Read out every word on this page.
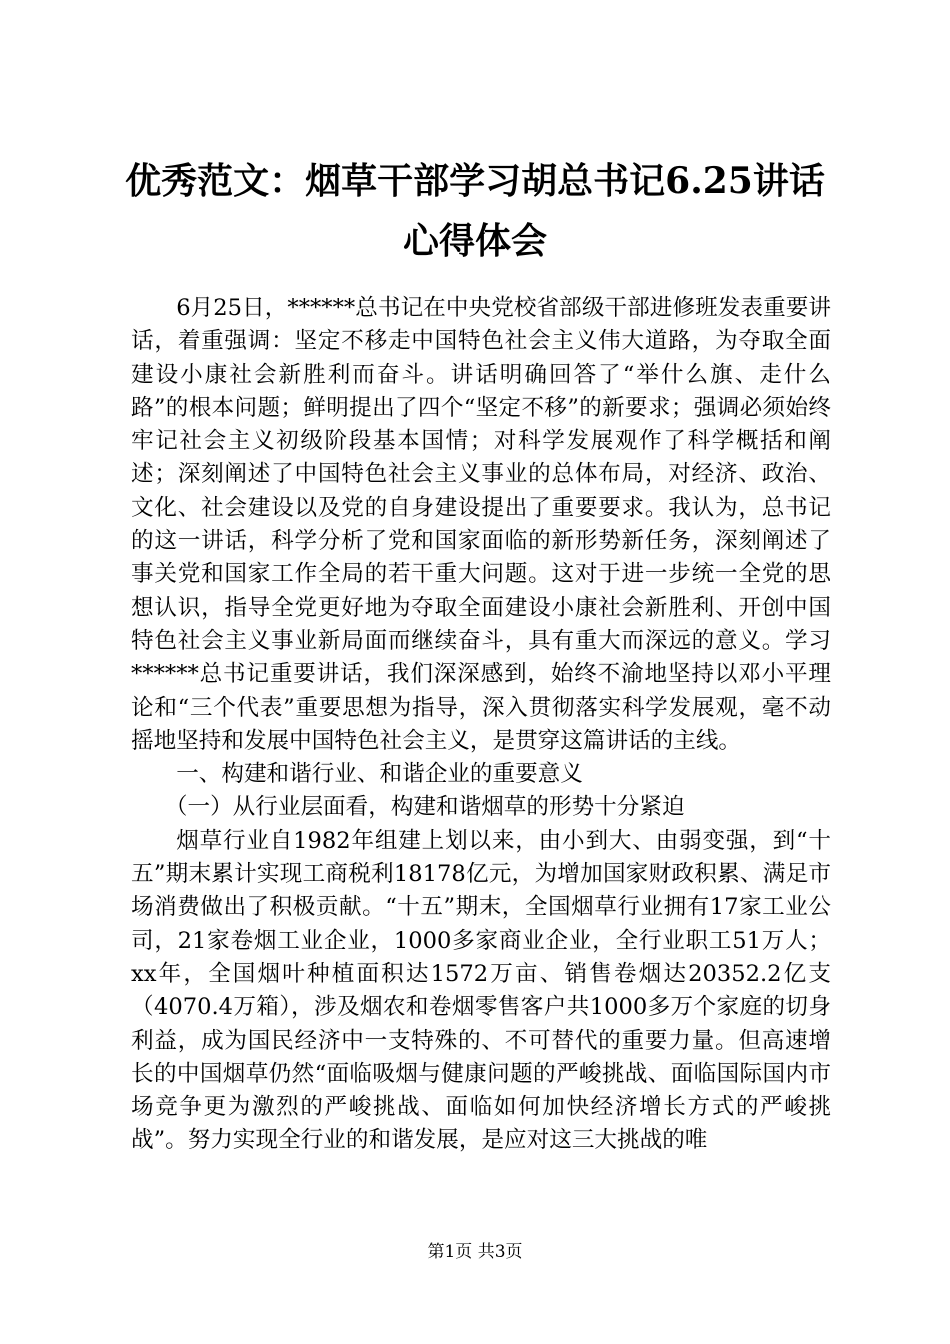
优秀范文：烟草干部学习胡总书记6.25讲话
心得体会

6月25日，******总书记在中央党校省部级干部进修班发表重要讲话，着重强调：坚定不移走中国特色社会主义伟大道路，为夺取全面建设小康社会新胜利而奋斗。讲话明确回答了“举什么旗、走什么路”的根本问题；鲜明提出了四个“坚定不移”的新要求；强调必须始终牢记社会主义初级阶段基本国情；对科学发展观作了科学概括和阐述；深刻阐述了中国特色社会主义事业的总体布局，对经济、政治、文化、社会建设以及党的自身建设提出了重要要求。我认为，总书记的这一讲话，科学分析了党和国家面临的新形势新任务，深刻阐述了事关党和国家工作全局的若干重大问题。这对于进一步统一全党的思想认识，指导全党更好地为夺取全面建设小康社会新胜利、开创中国特色社会主义事业新局面而继续奋斗，具有重大而深远的意义。学习******总书记重要讲话，我们深深感到，始终不渝地坚持以邓小平理论和“三个代表”重要思想为指导，深入贯彻落实科学发展观，毫不动摇地坚持和发展中国特色社会主义，是贯穿这篇讲话的主线。

一、构建和谐行业、和谐企业的重要意义

（一）从行业层面看，构建和谐烟草的形势十分紧迫

烟草行业自1982年组建上划以来，由小到大、由弱变强，到“十五”期末累计实现工商税利18178亿元，为增加国家财政积累、满足市场消费做出了积极贡献。“十五”期末，全国烟草行业拥有17家工业公司，21家卷烟工业企业，1000多家商业企业，全行业职工51万人；xx年，全国烟叶种植面积达1572万亩、销售卷烟达20352.2亿支（4070.4万箱），涉及烟农和卷烟零售客户共1000多万个家庭的切身利益，成为国民经济中一支特殊的、不可替代的重要力量。但高速增长的中国烟草仍然“面临吸烟与健康问题的严峻挑战、面临国际国内市场竞争更为激烈的严峻挑战、面临如何加快经济增长方式的严峻挑战”。努力实现全行业的和谐发展，是应对这三大挑战的唯

第1页 共3页
